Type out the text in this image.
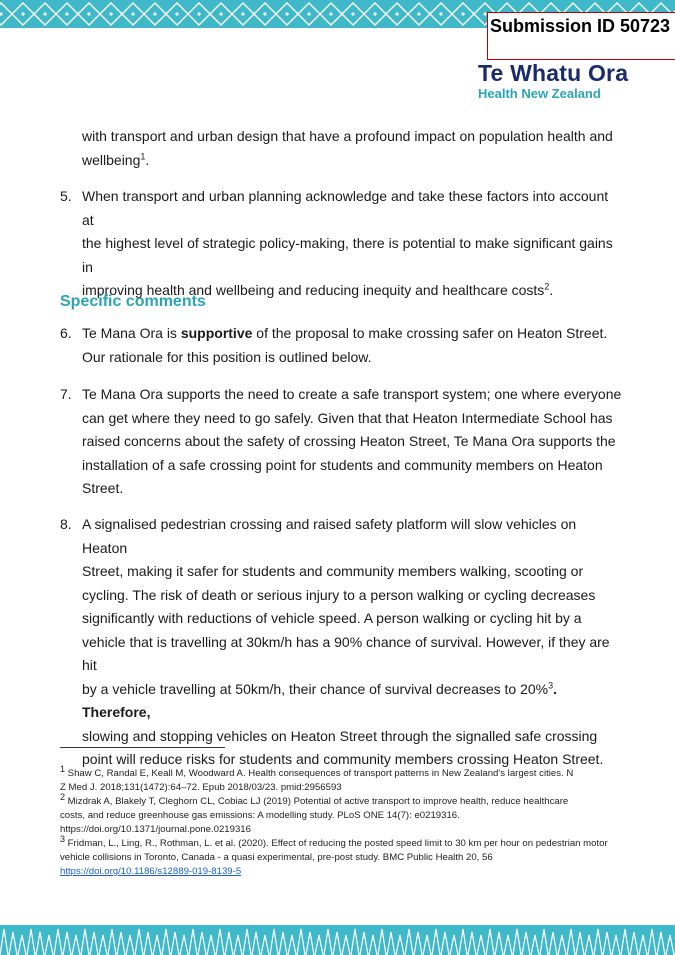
Submission ID 50723
Te Whatu Ora
Health New Zealand
with transport and urban design that have a profound impact on population health and
wellbeing$^1$.
5. When transport and urban planning acknowledge and take these factors into account at
the highest level of strategic policy-making, there is potential to make significant gains in
improving health and wellbeing and reducing inequity and healthcare costs$^2$.
Specific comments
6. Te Mana Ora is supportive of the proposal to make crossing safer on Heaton Street.
Our rationale for this position is outlined below.
7. Te Mana Ora supports the need to create a safe transport system; one where everyone
can get where they need to go safely. Given that that Heaton Intermediate School has
raised concerns about the safety of crossing Heaton Street, Te Mana Ora supports the
installation of a safe crossing point for students and community members on Heaton
Street.
8. A signalised pedestrian crossing and raised safety platform will slow vehicles on Heaton
Street, making it safer for students and community members walking, scooting or
cycling. The risk of death or serious injury to a person walking or cycling decreases
significantly with reductions of vehicle speed. A person walking or cycling hit by a
vehicle that is travelling at 30km/h has a 90% chance of survival. However, if they are hit
by a vehicle travelling at 50km/h, their chance of survival decreases to 20%$^3$. Therefore,
slowing and stopping vehicles on Heaton Street through the signalled safe crossing
point will reduce risks for students and community members crossing Heaton Street.
$^1$ Shaw C, Randal E, Keall M, Woodward A. Health consequences of transport patterns in New Zealand's largest cities. N
Z Med J. 2018;131(1472):64–72. Epub 2018/03/23. pmid:2956593
$^2$ Mizdrak A, Blakely T, Cleghorn CL, Cobiac LJ (2019) Potential of active transport to improve health, reduce healthcare
costs, and reduce greenhouse gas emissions: A modelling study. PLoS ONE 14(7): e0219316.
https://doi.org/10.1371/journal.pone.0219316
$^3$ Fridman, L., Ling, R., Rothman, L. et al. (2020). Effect of reducing the posted speed limit to 30 km per hour on pedestrian motor
vehicle collisions in Toronto, Canada - a quasi experimental, pre-post study. BMC Public Health 20, 56
https://doi.org/10.1186/s12889-019-8139-5
